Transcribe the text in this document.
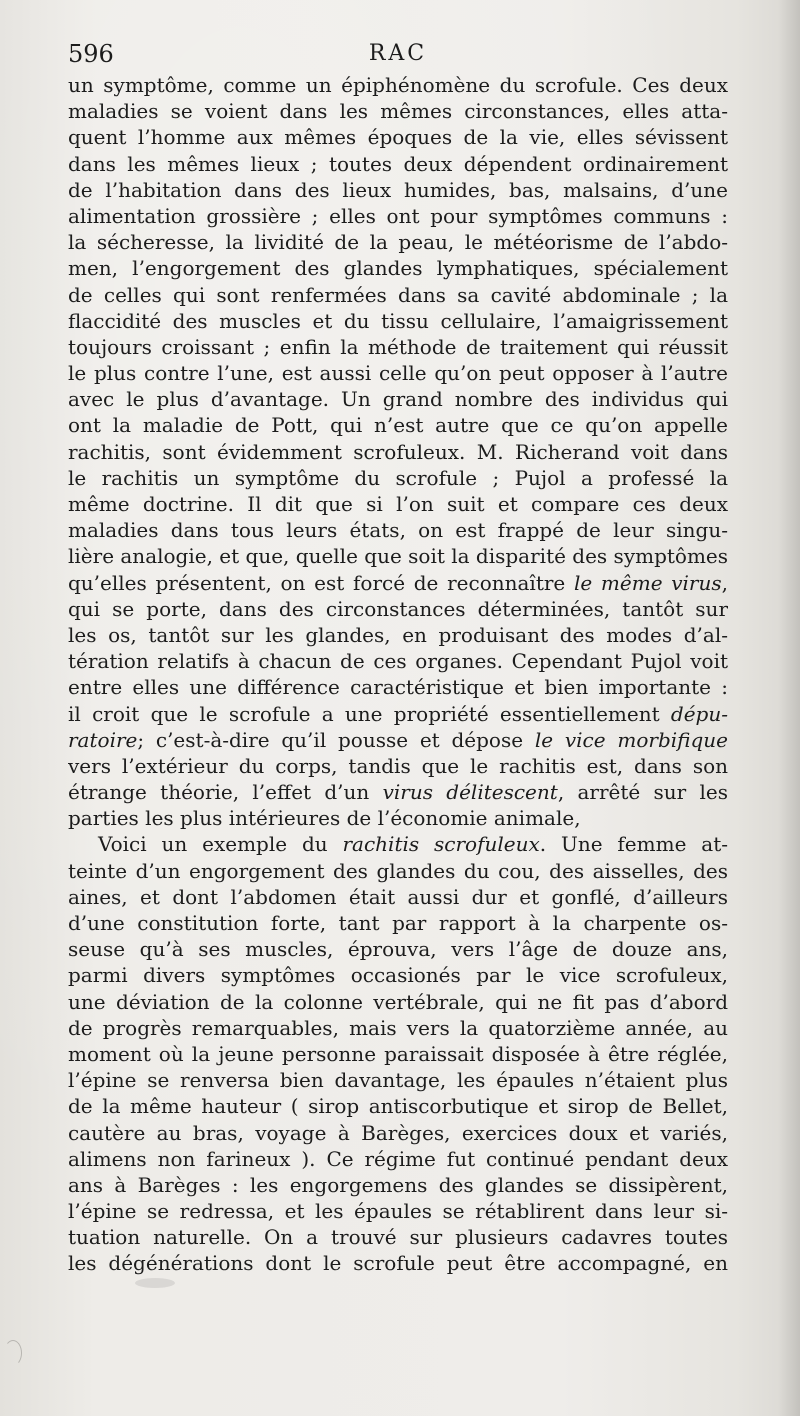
596	RAC
un symptôme, comme un épiphénomène du scrofule. Ces deux
maladies se voient dans les mêmes circonstances, elles atta-
quent l’homme aux mêmes époques de la vie, elles sévissent
dans les mêmes lieux ; toutes deux dépendent ordinairement
de l’habitation dans des lieux humides, bas, malsains, d’une
alimentation grossière ; elles ont pour symptômes communs :
la sécheresse, la lividité de la peau, le météorisme de l’abdo-
men, l’engorgement des glandes lymphatiques, spécialement
de celles qui sont renfermées dans sa cavité abdominale ; la
flaccidité des muscles et du tissu cellulaire, l’amaigrissement
toujours croissant ; enfin la méthode de traitement qui réussit
le plus contre l’une, est aussi celle qu’on peut opposer à l’autre
avec le plus d’avantage. Un grand nombre des individus qui
ont la maladie de Pott, qui n’est autre que ce qu’on appelle
rachitis, sont évidemment scrofuleux. M. Richerand voit dans
le rachitis un symptôme du scrofule ; Pujol a professé la
même doctrine. Il dit que si l’on suit et compare ces deux
maladies dans tous leurs états, on est frappé de leur singu-
lière analogie, et que, quelle que soit la disparité des symptômes
qu’elles présentent, on est forcé de reconnaître le même virus,
qui se porte, dans des circonstances déterminées, tantôt sur
les os, tantôt sur les glandes, en produisant des modes d’al-
tération relatifs à chacun de ces organes. Cependant Pujol voit
entre elles une différence caractéristique et bien importante :
il croit que le scrofule a une propriété essentiellement dépu-
ratoire; c’est-à-dire qu’il pousse et dépose le vice morbifique
vers l’extérieur du corps, tandis que le rachitis est, dans son
étrange théorie, l’effet d’un virus délitescent, arrêté sur les
parties les plus intérieures de l’économie animale,
Voici un exemple du rachitis scrofuleux. Une femme at-
teinte d’un engorgement des glandes du cou, des aisselles, des
aines, et dont l’abdomen était aussi dur et gonflé, d’ailleurs
d’une constitution forte, tant par rapport à la charpente os-
seuse qu’à ses muscles, éprouva, vers l’âge de douze ans,
parmi divers symptômes occasionés par le vice scrofuleux,
une déviation de la colonne vertébrale, qui ne fit pas d’abord
de progrès remarquables, mais vers la quatorzième année, au
moment où la jeune personne paraissait disposée à être réglée,
l’épine se renversa bien davantage, les épaules n’étaient plus
de la même hauteur ( sirop antiscorbutique et sirop de Bellet,
cautère au bras, voyage à Barèges, exercices doux et variés,
alimens non farineux ). Ce régime fut continué pendant deux
ans à Barèges : les engorgemens des glandes se dissipèrent,
l’épine se redressa, et les épaules se rétablirent dans leur si-
tuation naturelle. On a trouvé sur plusieurs cadavres toutes
les dégénérations dont le scrofule peut être accompagné, en
